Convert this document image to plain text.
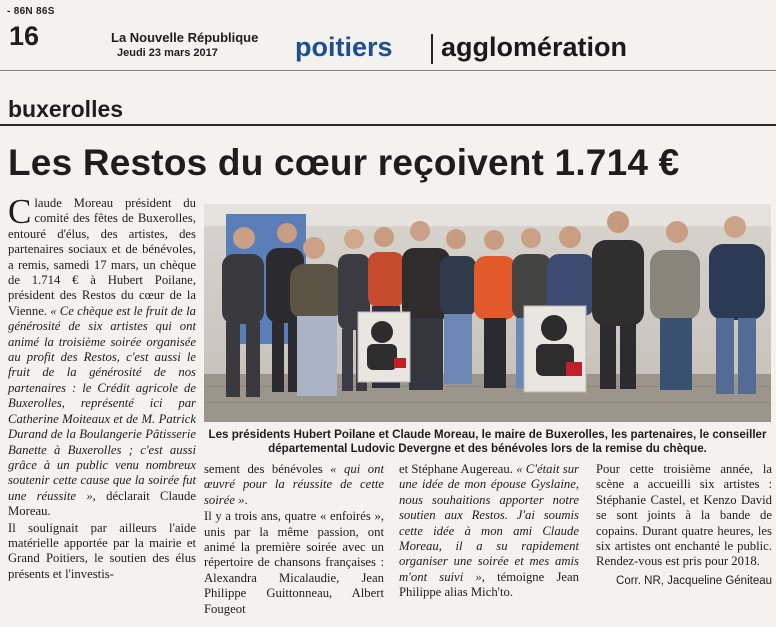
- 86N 86S
16	La Nouvelle République
Jeudi 23 mars 2017	poitiers agglomération
buxerolles
Les Restos du cœur reçoivent 1.714 €

Claude Moreau président du comité des fêtes de Buxerolles, entouré d'élus, des artistes, des partenaires sociaux et de bénévoles, a remis, samedi 17 mars, un chèque de 1.714 € à Hubert Poilane, président des Restos du cœur de la Vienne. « Ce chèque est le fruit de la générosité de six artistes qui ont animé la troisième soirée organisée au profit des Restos, c'est aussi le fruit de la générosité de nos partenaires : le Crédit agricole de Buxerolles, représenté ici par Catherine Moiteaux et de M. Patrick Durand de la Boulangerie Pâtisserie Banette à Buxerolles ; c'est aussi grâce à un public venu nombreux soutenir cette cause que la soirée fut une réussite », déclarait Claude Moreau.

Il soulignait par ailleurs l'aide matérielle apportée par la mairie et Grand Poitiers, le soutien des élus présents et l'investis-

Les présidents Hubert Poilane et Claude Moreau, le maire de Buxerolles, les partenaires, le conseiller départemental Ludovic Devergne et des bénévoles lors de la remise du chèque.

sement des bénévoles « qui ont œuvré pour la réussite de cette soirée ».

Il y a trois ans, quatre « enfoirés », unis par la même passion, ont animé la première soirée avec un répertoire de chansons françaises : Alexandra Micalaudie, Jean Philippe Guittonneau, Albert Fougeot

et Stéphane Augereau. « C'était sur une idée de mon épouse Gyslaine, nous souhaitions apporter notre soutien aux Restos. J'ai soumis cette idée à mon ami Claude Moreau, il a su rapidement organiser une soirée et mes amis m'ont suivi », témoigne Jean Philippe alias Mich'to.

Pour cette troisième année, la scène a accueilli six artistes : Stéphanie Castel, et Kenzo David se sont joints à la bande de copains. Durant quatre heures, les six artistes ont enchanté le public. Rendez-vous est pris pour 2018.

Corr. NR, Jacqueline Géniteau
